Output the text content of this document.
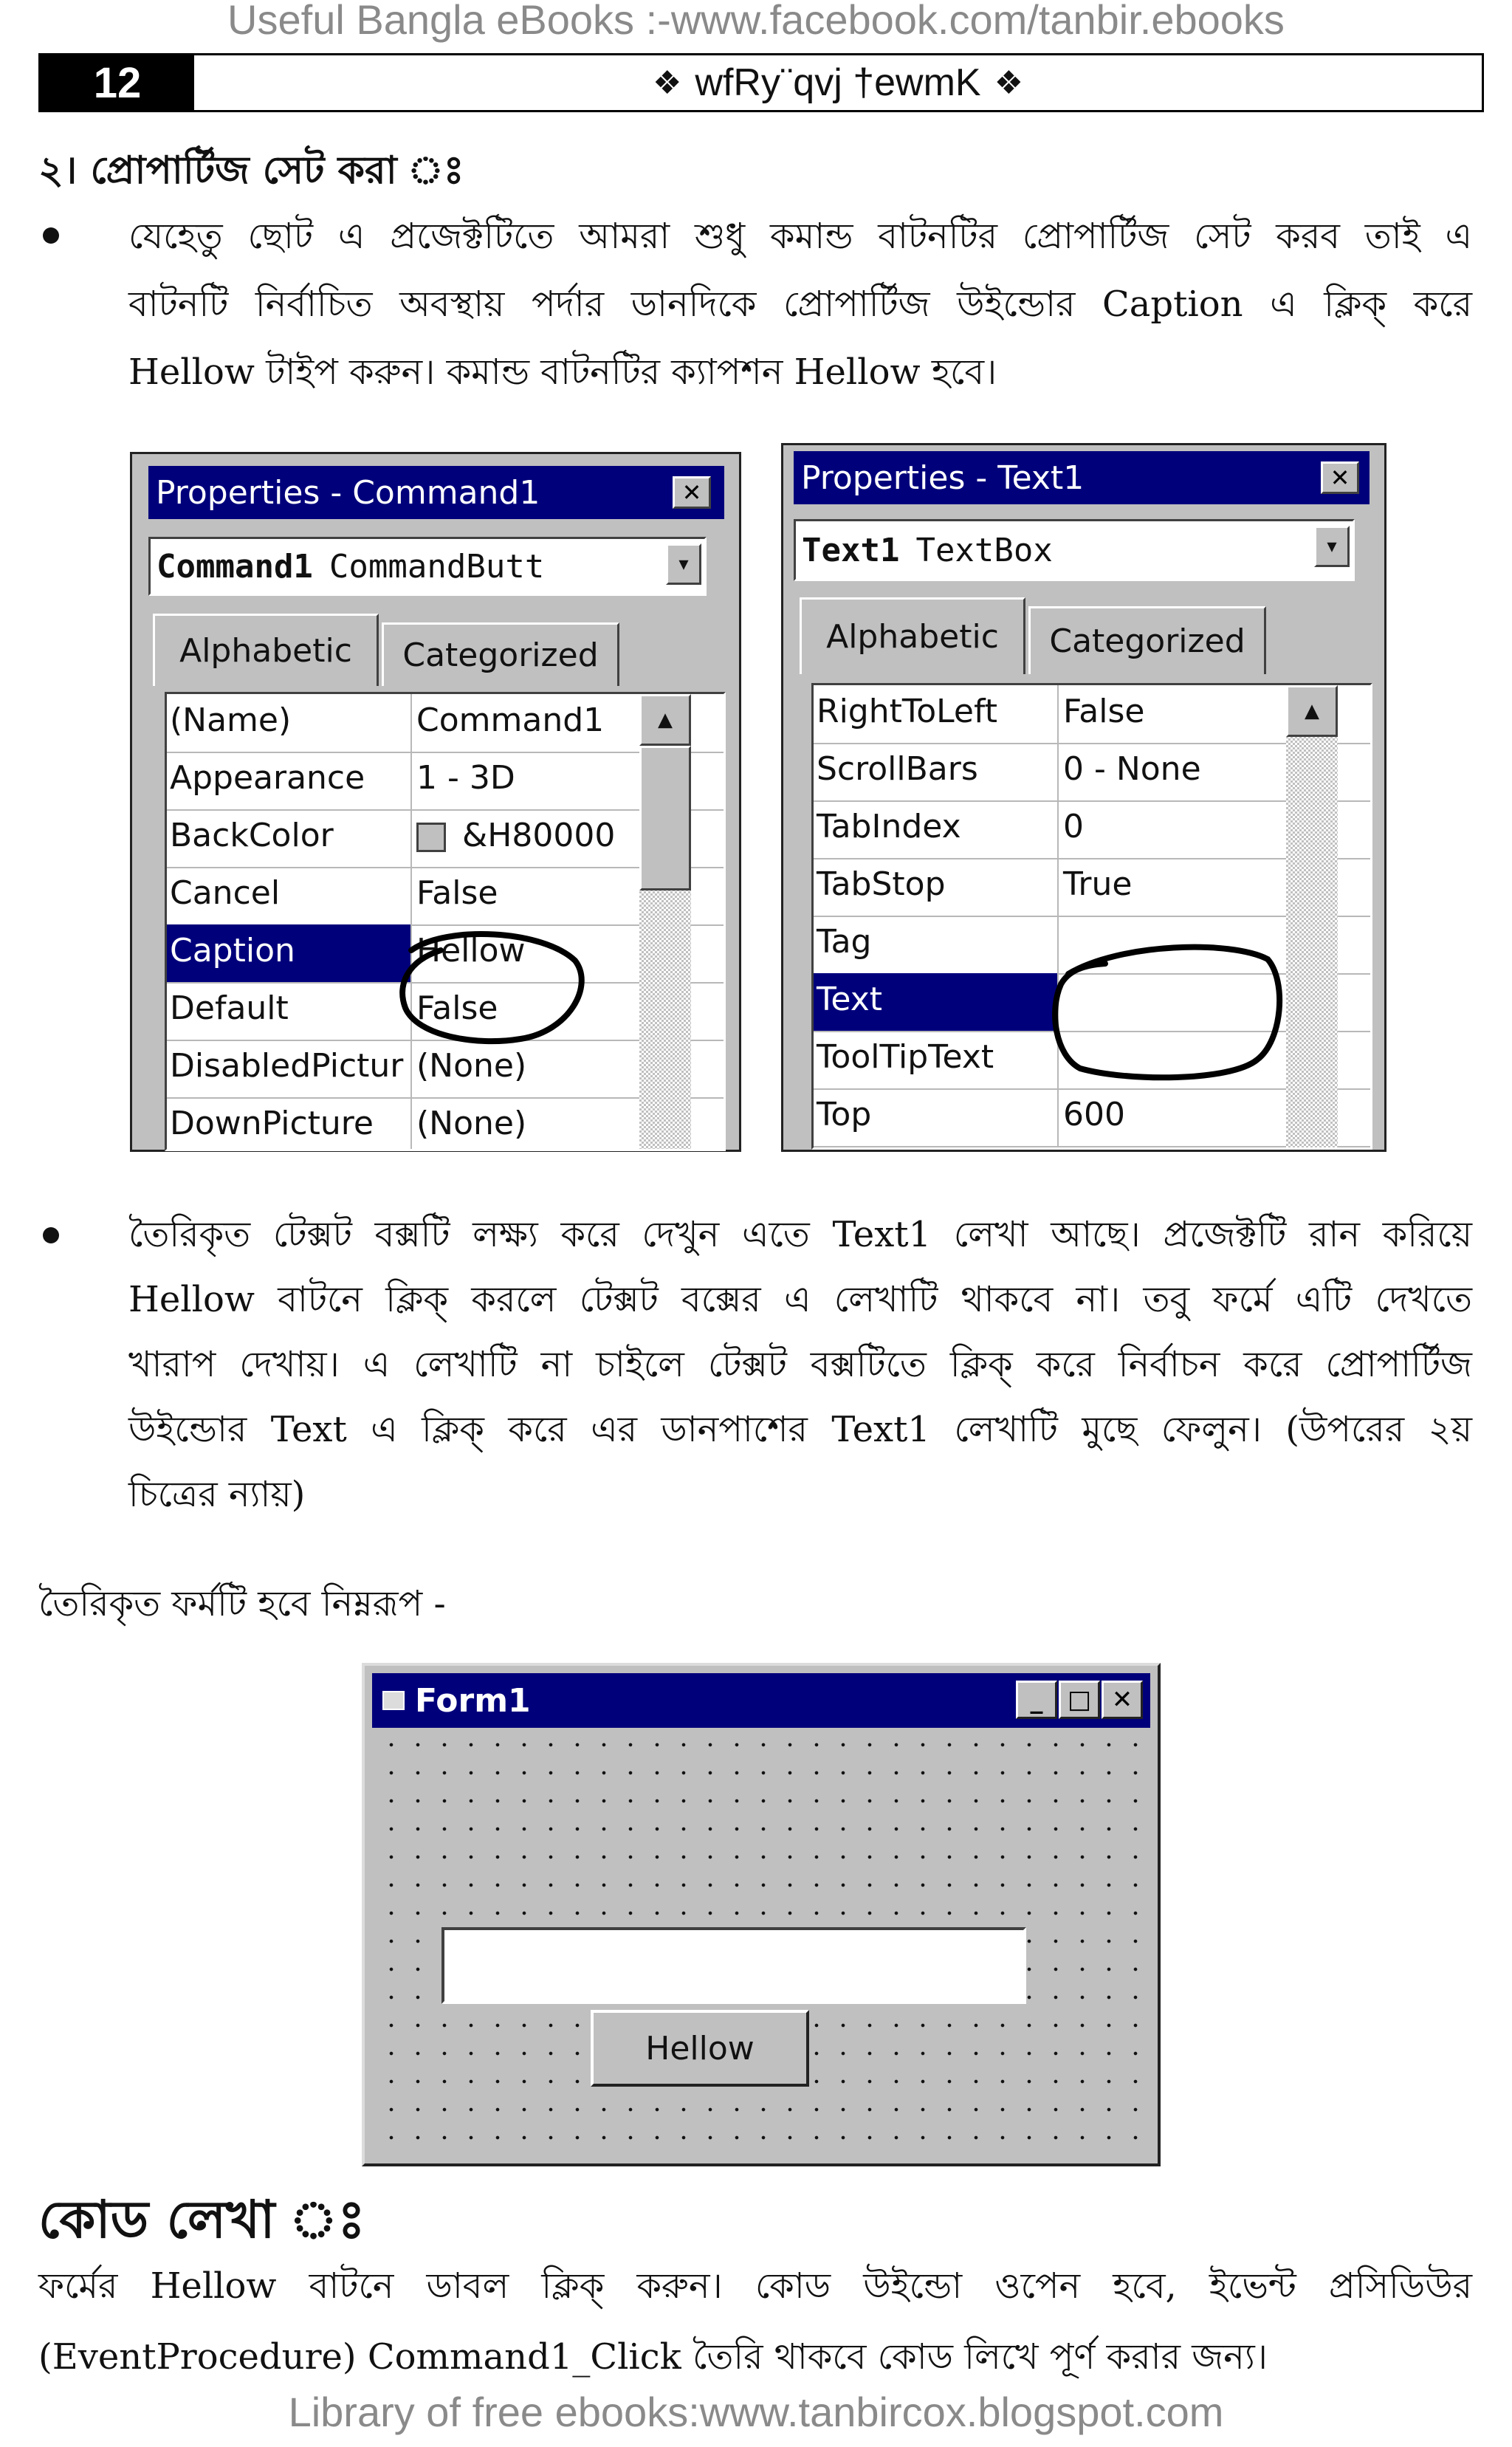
Useful Bangla eBooks :-www.facebook.com/tanbir.ebooks
12	❖ wfRy¨qvj †ewmK ❖
২। প্রোপার্টিজ সেট করা ঃ
যেহেতু ছোট এ প্রজেক্টটিতে আমরা শুধু কমান্ড বাটনটির প্রোপার্টিজ সেট করব তাই এ
বাটনটি নির্বাচিত অবস্থায় পর্দার ডানদিকে প্রোপার্টিজ উইন্ডোর Caption এ ক্লিক্ করে
Hellow টাইপ করুন। কমান্ড বাটনটির ক্যাপশন Hellow হবে।
Properties - Command1	✕
Command1 CommandButt	▼
Alphabetic	Categorized
(Name)	Command1
Appearance 1 - 3D
BackColor	&H80000
Cancel	False
Caption	Hellow
Default	False
DisabledPictur (None)
DownPicture (None)
▲
Properties - Text1	✕
Text1 TextBox	▼
Alphabetic	Categorized
RightToLeft False
ScrollBars	0 - None
TabIndex	0
TabStop	True
Tag
Text
ToolTipText
Top	600
▲
তৈরিকৃত টেক্সট বক্সটি লক্ষ্য করে দেখুন এতে Text1 লেখা আছে। প্রজেক্টটি রান করিয়ে
Hellow বাটনে ক্লিক্ করলে টেক্সট বক্সের এ লেখাটি থাকবে না। তবু ফর্মে এটি দেখতে
খারাপ দেখায়। এ লেখাটি না চাইলে টেক্সট বক্সটিতে ক্লিক্ করে নির্বাচন করে প্রোপার্টিজ
উইন্ডোর Text এ ক্লিক্ করে এর ডানপাশের Text1 লেখাটি মুছে ফেলুন। (উপরের ২য়
চিত্রের ন্যায়)
তৈরিকৃত ফর্মটি হবে নিম্নরূপ -
Form1	_ □ ✕
Hellow
কোড লেখা ঃ
ফর্মের Hellow বাটনে ডাবল ক্লিক্ করুন। কোড উইন্ডো ওপেন হবে, ইভেন্ট প্রসিডিউর
(EventProcedure) Command1_Click তৈরি থাকবে কোড লিখে পূর্ণ করার জন্য।
Library of free ebooks:www.tanbircox.blogspot.com
